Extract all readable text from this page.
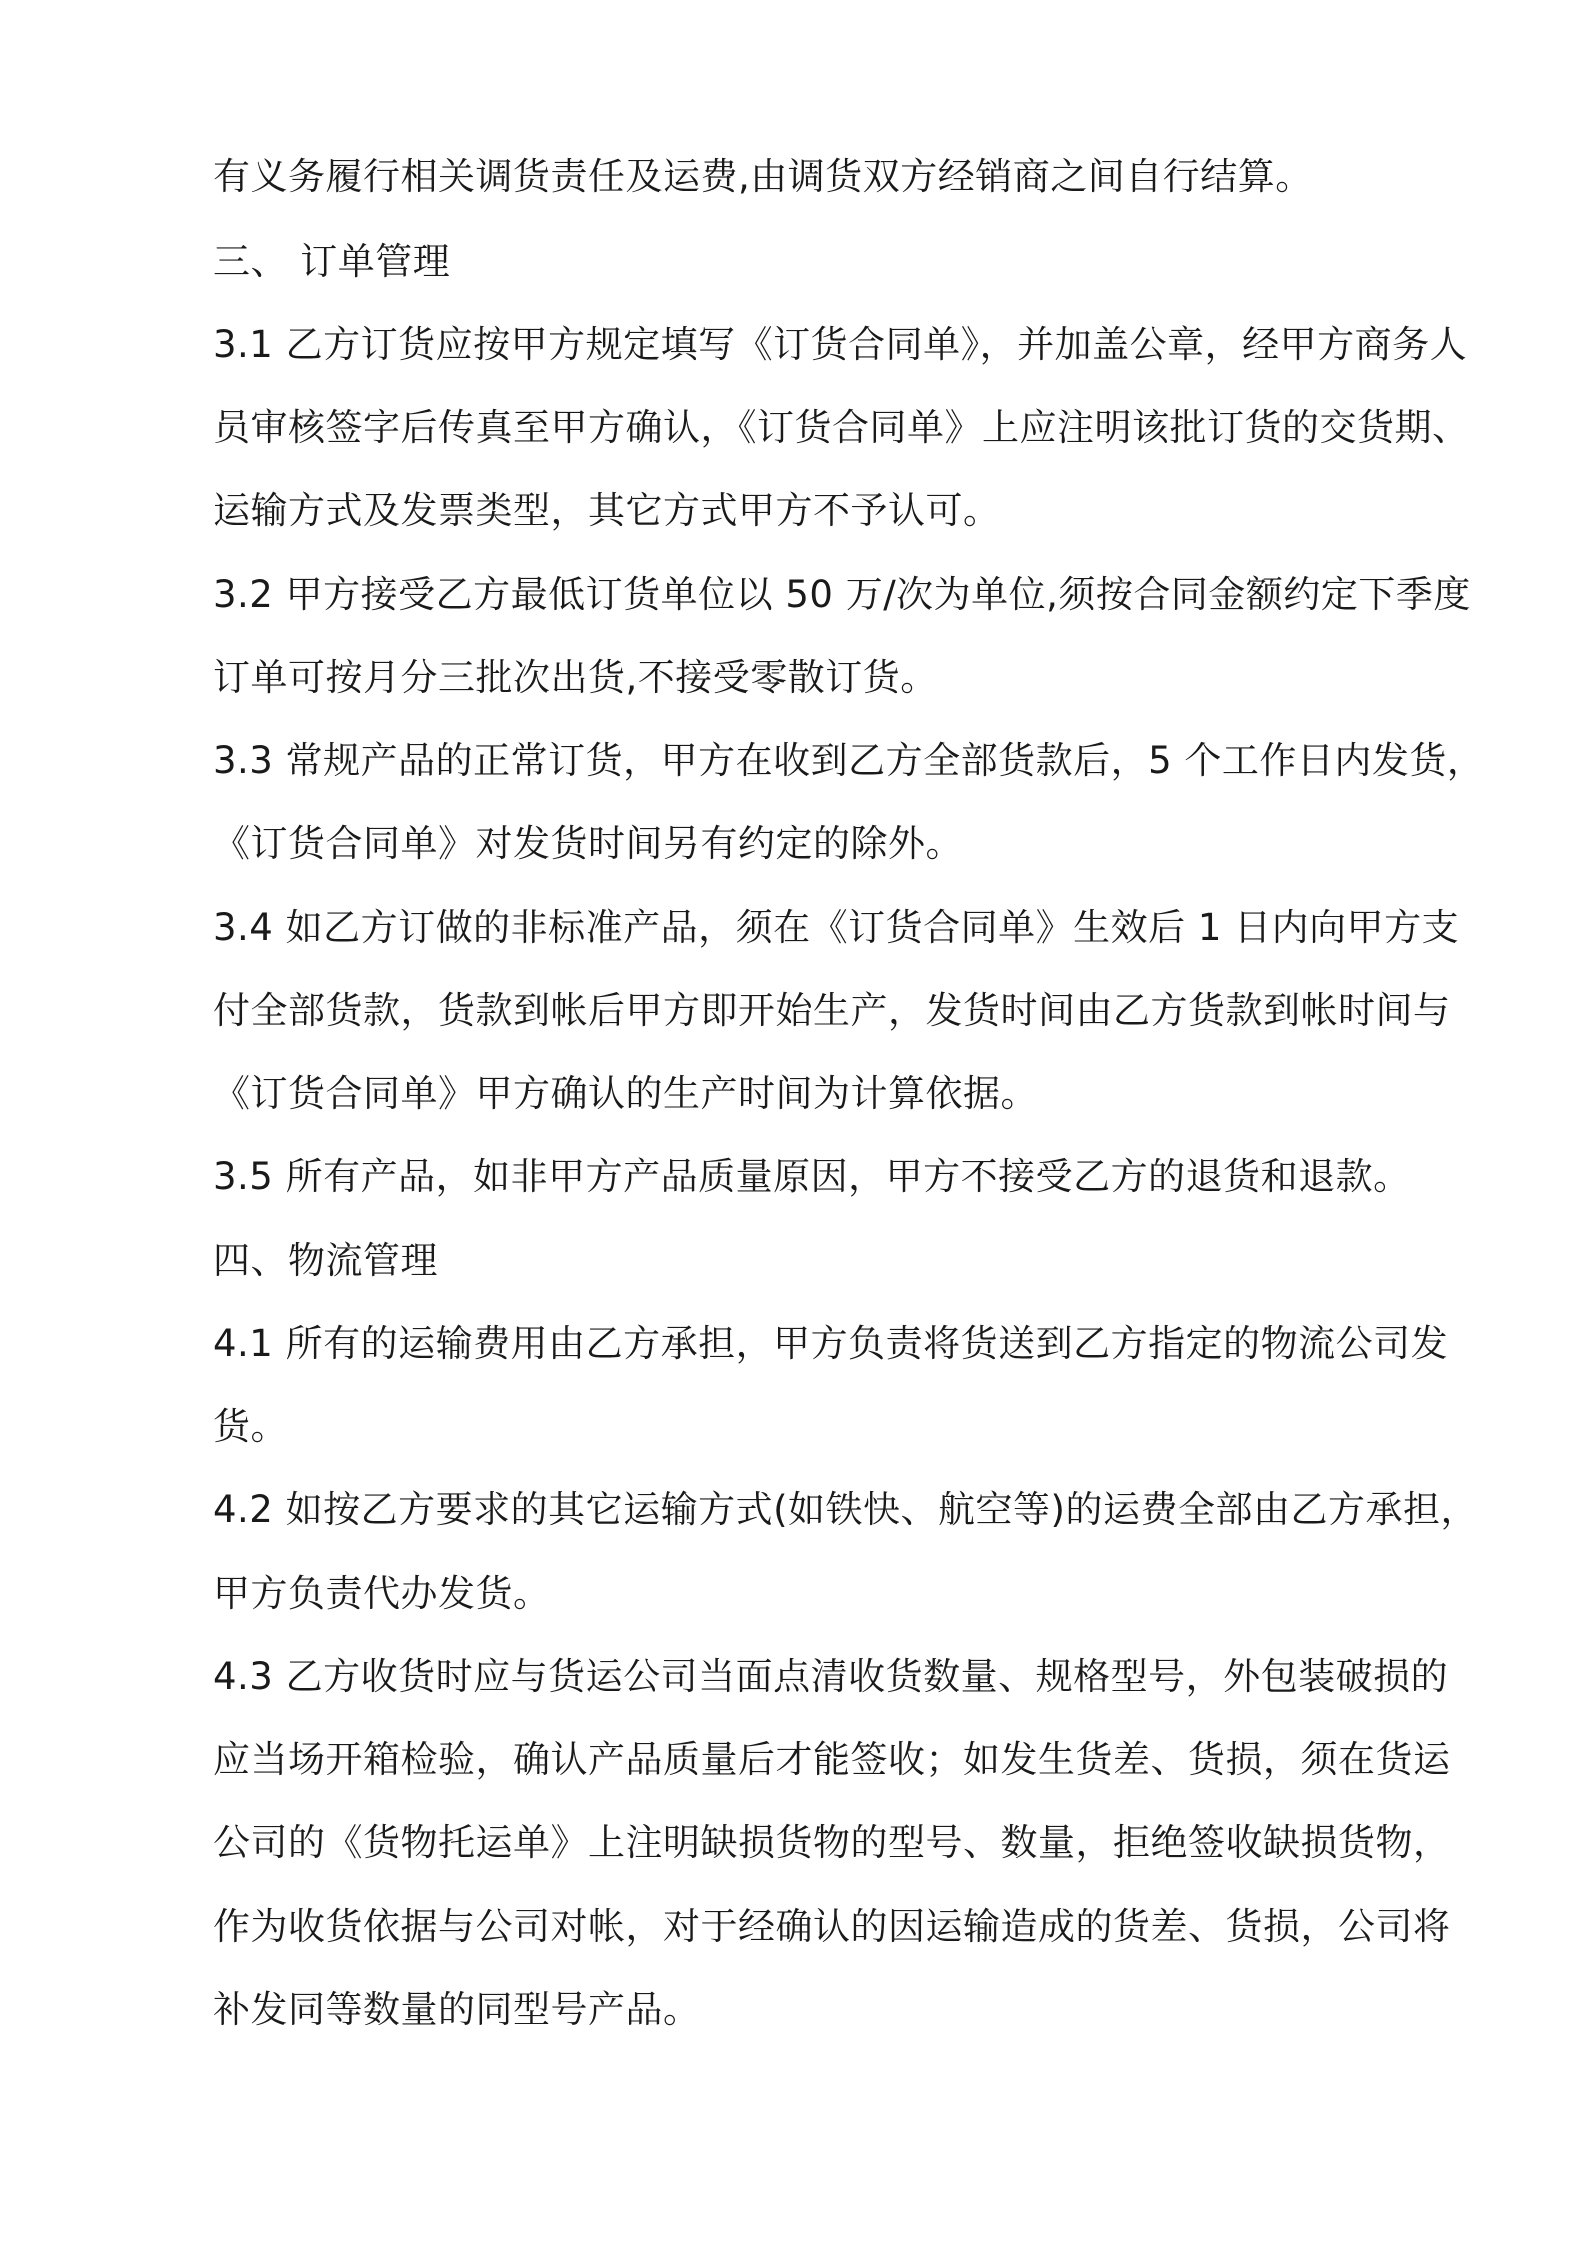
有义务履行相关调货责任及运费,由调货双方经销商之间自行结算。
三、 订单管理
3.1 乙方订货应按甲方规定填写《订货合同单》，并加盖公章，经甲方商务人
员审核签字后传真至甲方确认，《订货合同单》上应注明该批订货的交货期、
运输方式及发票类型，其它方式甲方不予认可。
3.2 甲方接受乙方最低订货单位以 50 万/次为单位,须按合同金额约定下季度
订单可按月分三批次出货,不接受零散订货。
3.3 常规产品的正常订货，甲方在收到乙方全部货款后，5 个工作日内发货，
《订货合同单》对发货时间另有约定的除外。
3.4 如乙方订做的非标准产品，须在《订货合同单》生效后 1 日内向甲方支
付全部货款，货款到帐后甲方即开始生产，发货时间由乙方货款到帐时间与
《订货合同单》甲方确认的生产时间为计算依据。
3.5 所有产品，如非甲方产品质量原因，甲方不接受乙方的退货和退款。
四、物流管理
4.1 所有的运输费用由乙方承担，甲方负责将货送到乙方指定的物流公司发
货。
4.2 如按乙方要求的其它运输方式(如铁快、航空等)的运费全部由乙方承担，
甲方负责代办发货。
4.3 乙方收货时应与货运公司当面点清收货数量、规格型号，外包装破损的
应当场开箱检验，确认产品质量后才能签收；如发生货差、货损，须在货运
公司的《货物托运单》上注明缺损货物的型号、数量，拒绝签收缺损货物，
作为收货依据与公司对帐，对于经确认的因运输造成的货差、货损，公司将
补发同等数量的同型号产品。
